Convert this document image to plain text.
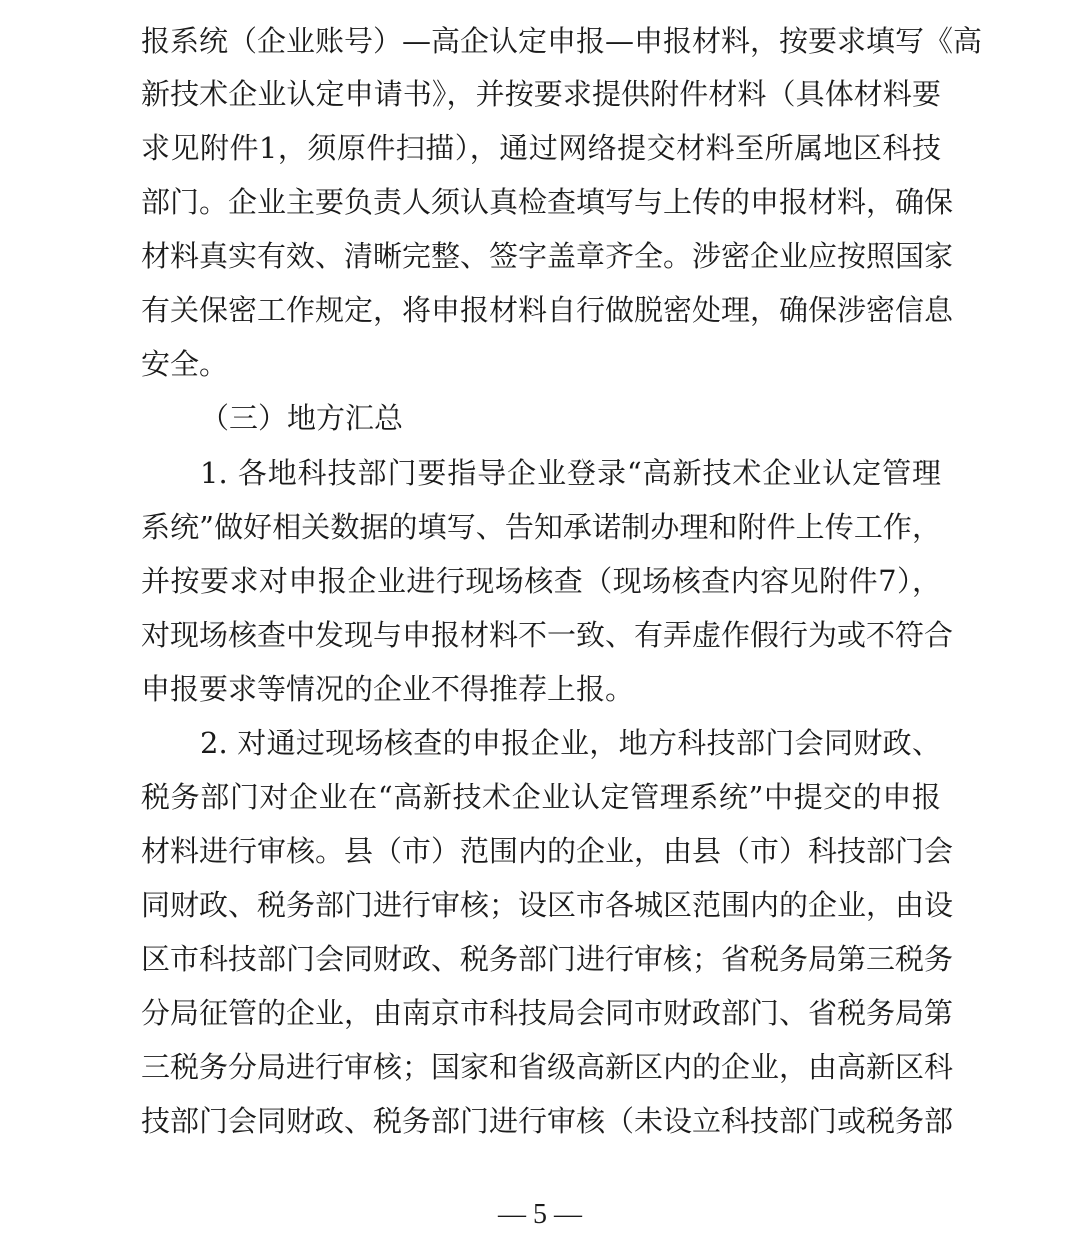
报系统（企业账号）—高企认定申报—申报材料，按要求填写《高
新技术企业认定申请书》，并按要求提供附件材料（具体材料要
求见附件1，须原件扫描），通过网络提交材料至所属地区科技
部门。企业主要负责人须认真检查填写与上传的申报材料，确保
材料真实有效、清晰完整、签字盖章齐全。涉密企业应按照国家
有关保密工作规定，将申报材料自行做脱密处理，确保涉密信息
安全。
（三）地方汇总
1. 各地科技部门要指导企业登录“高新技术企业认定管理
系统”做好相关数据的填写、告知承诺制办理和附件上传工作，
并按要求对申报企业进行现场核查（现场核查内容见附件7），
对现场核查中发现与申报材料不一致、有弄虚作假行为或不符合
申报要求等情况的企业不得推荐上报。
2. 对通过现场核查的申报企业，地方科技部门会同财政、
税务部门对企业在“高新技术企业认定管理系统”中提交的申报
材料进行审核。县（市）范围内的企业，由县（市）科技部门会
同财政、税务部门进行审核；设区市各城区范围内的企业，由设
区市科技部门会同财政、税务部门进行审核；省税务局第三税务
分局征管的企业，由南京市科技局会同市财政部门、省税务局第
三税务分局进行审核；国家和省级高新区内的企业，由高新区科
技部门会同财政、税务部门进行审核（未设立科技部门或税务部
— 5 —
